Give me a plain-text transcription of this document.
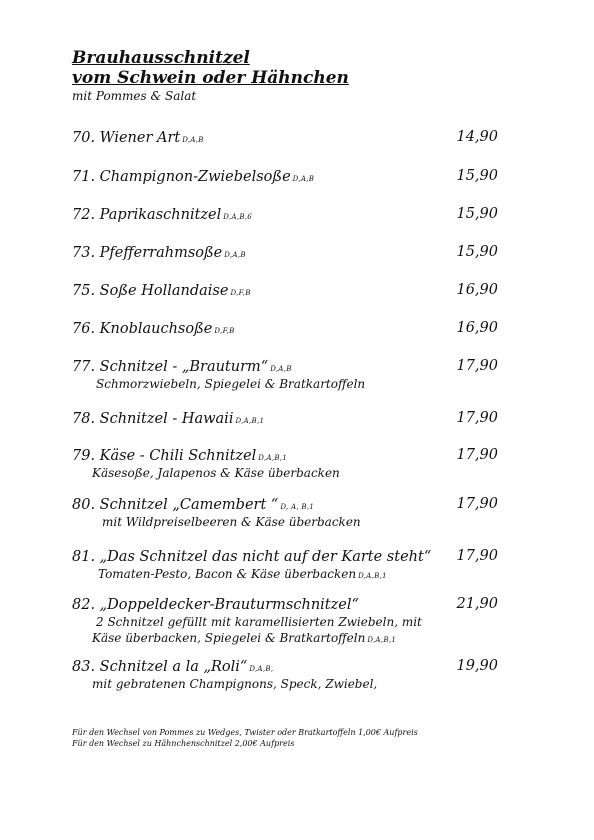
Brauhausschnitzel
vom Schwein oder Hähnchen
mit Pommes & Salat
70. Wiener Art D,A,B	14,90
71. Champignon-Zwiebelsoße D,A,B	15,90
72. Paprikaschnitzel D,A,B,6	15,90
73. Pfefferrahmsoße D,A,B	15,90
75. Soße Hollandaise D,F,B	16,90
76. Knoblauchsoße D,F,B	16,90
77. Schnitzel - „Brauturm“ D,A,B	17,90
Schmorzwiebeln, Spiegelei & Bratkartoffeln
78. Schnitzel - Hawaii D,A,B,1	17,90
79. Käse - Chili Schnitzel D,A,B,1	17,90
Käsesoße, Jalapenos & Käse überbacken
80. Schnitzel „Camembert “ D, A, B,1	17,90
mit Wildpreiselbeeren & Käse überbacken
81. „Das Schnitzel das nicht auf der Karte steht“ 17,90
Tomaten-Pesto, Bacon & Käse überbacken D,A,B,1
82. „Doppeldecker-Brauturmschnitzel“	21,90
2 Schnitzel gefüllt mit karamellisierten Zwiebeln, mit
Käse überbacken, Spiegelei & Bratkartoffeln D,A,B,1
83. Schnitzel a la „Roli“ D,A,B,	19,90
mit gebratenen Champignons, Speck, Zwiebel,
Für den Wechsel von Pommes zu Wedges, Twister oder Bratkartoffeln 1,00€ Aufpreis
Für den Wechsel zu Hähnchenschnitzel 2,00€ Aufpreis
